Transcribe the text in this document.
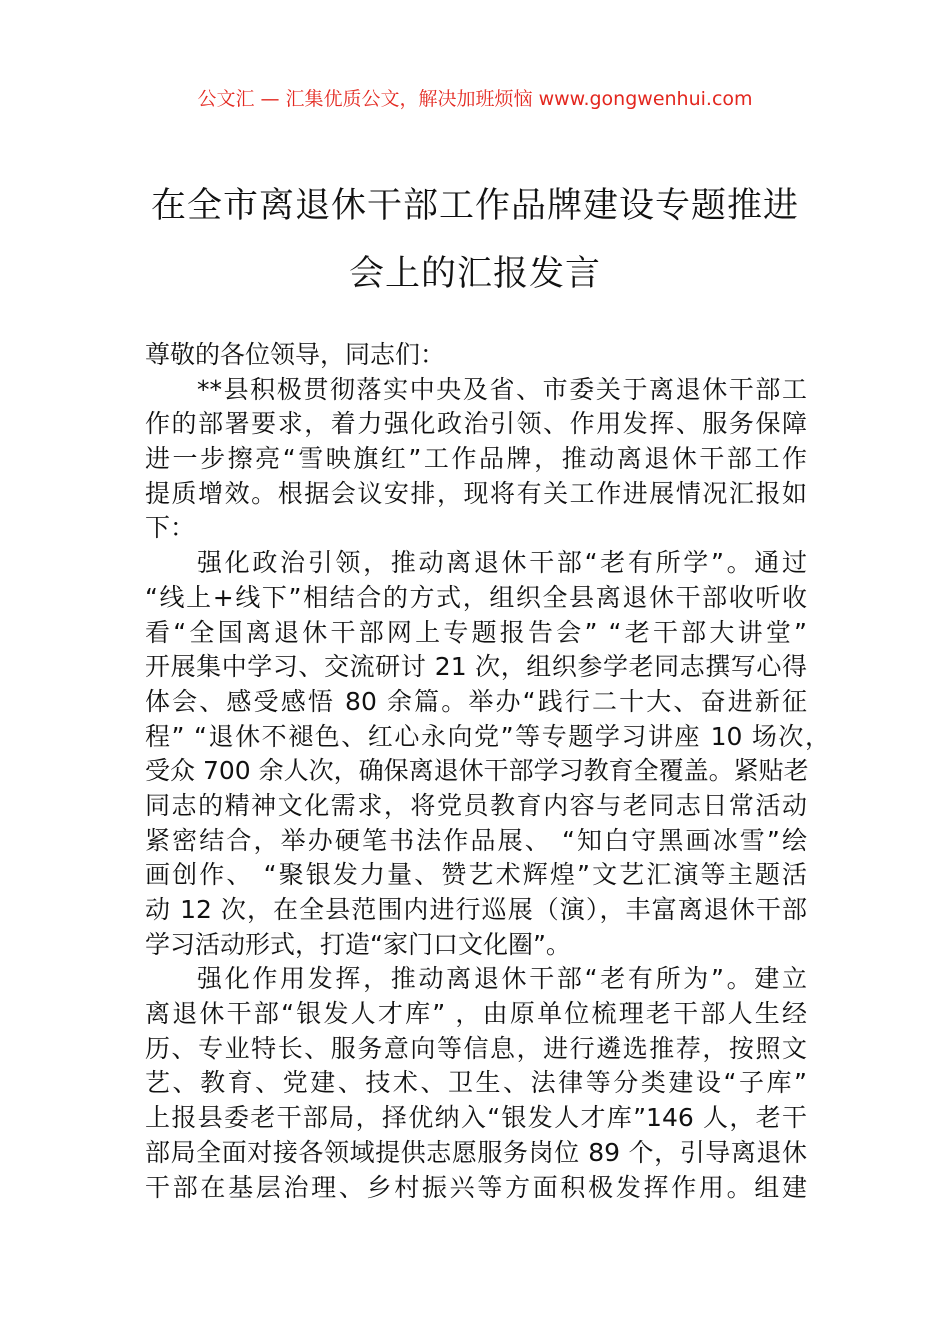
公文汇 — 汇集优质公文，解决加班烦恼 www.gongwenhui.com
在全市离退休干部工作品牌建设专题推进
会上的汇报发言
尊敬的各位领导，同志们：
**县积极贯彻落实中央及省、市委关于离退休干部工
作的部署要求，着力强化政治引领、作用发挥、服务保障
进一步擦亮“雪映旗红”工作品牌，推动离退休干部工作
提质增效。根据会议安排，现将有关工作进展情况汇报如
下：
强化政治引领，推动离退休干部“老有所学”。通过
“线上+线下”相结合的方式，组织全县离退休干部收听收
看“全国离退休干部网上专题报告会” “老干部大讲堂”
开展集中学习、交流研讨 21 次，组织参学老同志撰写心得
体会、感受感悟 80 余篇。举办“践行二十大、奋进新征
程” “退休不褪色、红心永向党”等专题学习讲座 10 场次，
受众 700 余人次，确保离退休干部学习教育全覆盖。紧贴老
同志的精神文化需求，将党员教育内容与老同志日常活动
紧密结合，举办硬笔书法作品展、 “知白守黑画冰雪”绘
画创作、 “聚银发力量、赞艺术辉煌”文艺汇演等主题活
动 12 次，在全县范围内进行巡展（演），丰富离退休干部
学习活动形式，打造“家门口文化圈”。
强化作用发挥，推动离退休干部“老有所为”。建立
离退休干部“银发人才库” ，由原单位梳理老干部人生经
历、专业特长、服务意向等信息，进行遴选推荐，按照文
艺、教育、党建、技术、卫生、法律等分类建设“子库”
上报县委老干部局，择优纳入“银发人才库”146 人，老干
部局全面对接各领域提供志愿服务岗位 89 个，引导离退休
干部在基层治理、乡村振兴等方面积极发挥作用。组建
